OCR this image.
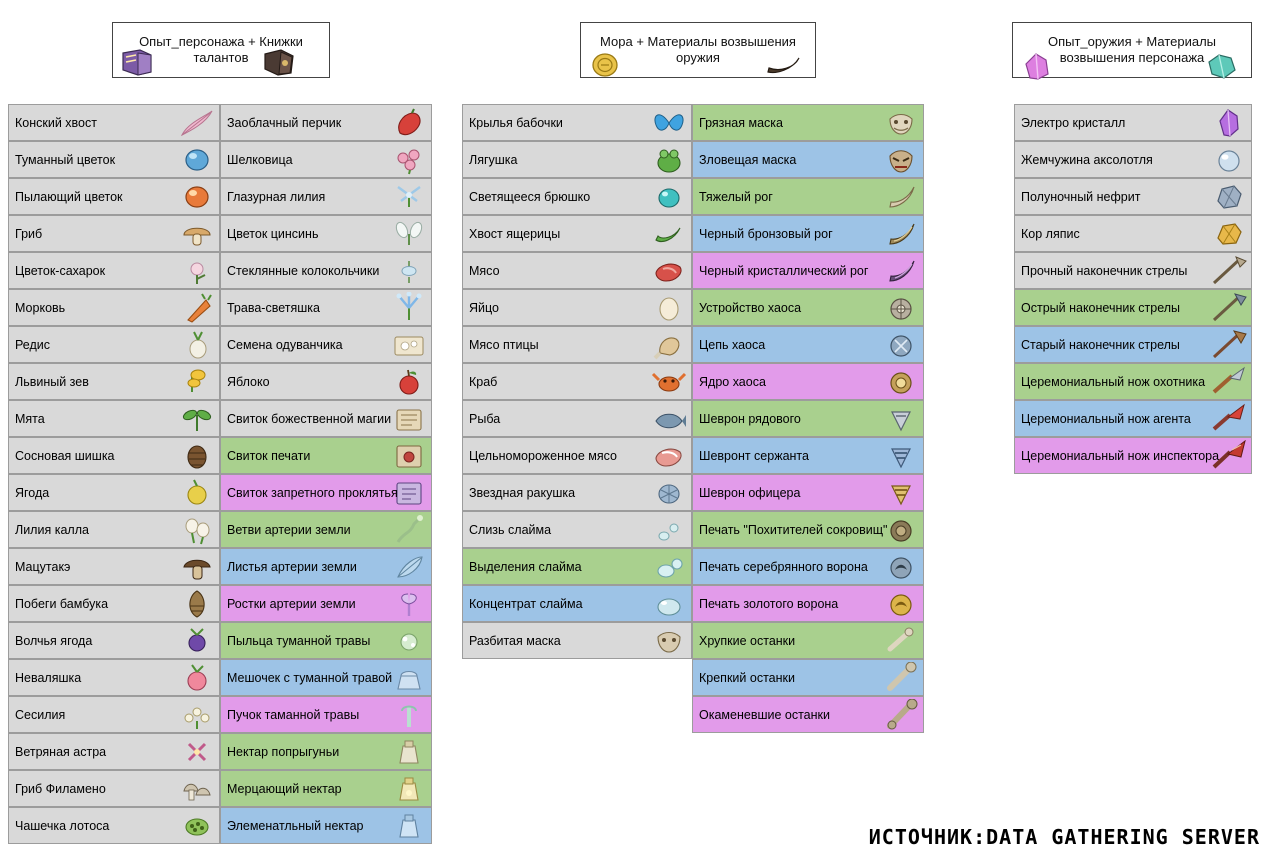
Опыт_персонажа + Книжки талантов
Мора + Материалы возвышения оружия
Опыт_оружия + Материалы возвышения персонажа
Конский хвост
Туманный цветок
Пылающий цветок
Гриб
Цветок-сахарок
Морковь
Редис
Львиный зев
Мята
Сосновая шишка
Ягода
Лилия калла
Мацутакэ
Побеги бамбука
Волчья ягода
Неваляшка
Сесилия
Ветряная астра
Гриб Филамено
Чашечка лотоса
Заоблачный перчик
Шелковица
Глазурная лилия
Цветок цинсинь
Стеклянные колокольчики
Трава-светяшка
Семена одуванчика
Яблоко
Свиток божественной магии
Свиток печати
Свиток запретного проклятья
Ветви артерии земли
Листья артерии земли
Ростки артерии земли
Пыльца туманной травы
Мешочек с туманной травой
Пучок таманной травы
Нектар попрыгуньи
Мерцающий нектар
Элеменатльный нектар
Крылья бабочки
Лягушка
Светящееся брюшко
Хвост ящерицы
Мясо
Яйцо
Мясо птицы
Краб
Рыба
Цельномороженное мясо
Звездная ракушка
Слизь слайма
Выделения слайма
Концентрат слайма
Разбитая маска
Грязная маска
Зловещая маска
Тяжелый рог
Черный бронзовый рог
Черный кристаллический рог
Устройство хаоса
Цепь хаоса
Ядро хаоса
Шеврон рядового
Шевронт сержанта
Шеврон офицера
Печать "Похитителей сокровищ"
Печать серебрянного ворона
Печать золотого ворона
Хрупкие останки
Крепкий останки
Окаменевшие останки
Электро кристалл
Жемчужина аксолотля
Полуночный нефрит
Кор ляпис
Прочный наконечник стрелы
Острый наконечник стрелы
Старый наконечник стрелы
Церемониальный нож охотника
Церемониальный нож агента
Церемониальный нож инспектора
ИСТОЧНИК:DATA GATHERING SERVER
